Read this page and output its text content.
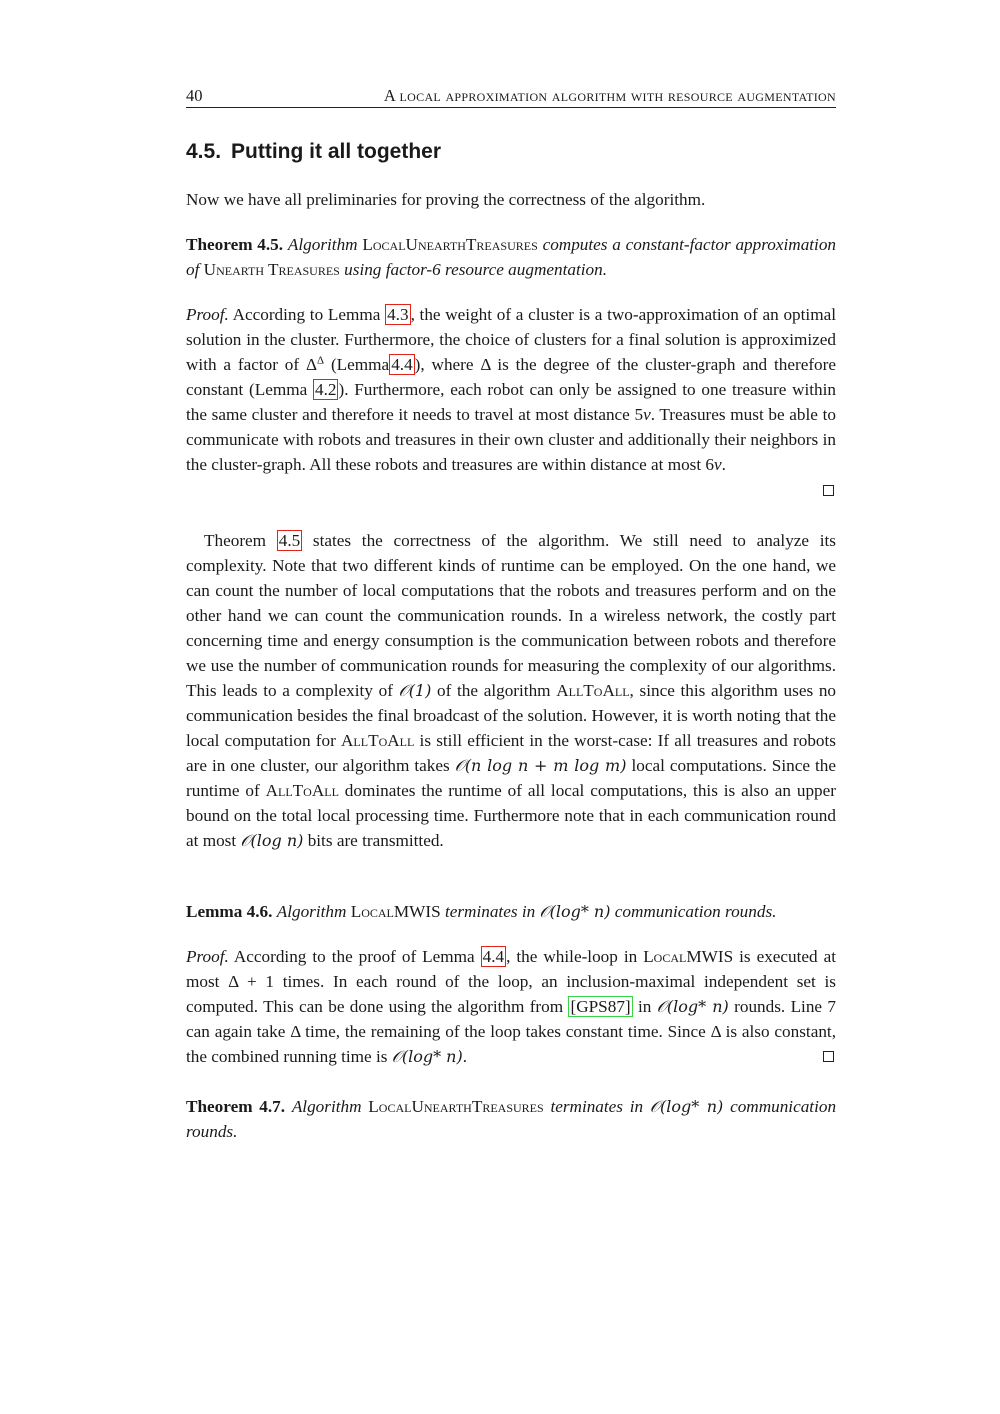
40	A local approximation algorithm with resource augmentation
4.5. Putting it all together
Now we have all preliminaries for proving the correctness of the algorithm.
Theorem 4.5. Algorithm LocalUnearthTreasures computes a constant-factor approximation of Unearth Treasures using factor-6 resource augmentation.
Proof. According to Lemma 4.3 , the weight of a cluster is a two-approximation of an optimal solution in the cluster. Furthermore, the choice of clusters for a final solution is approximized with a factor of $\Delta^\Delta$ (Lemma 4.4 ), where Δ is the degree of the cluster-graph and therefore constant (Lemma 4.2 ). Furthermore, each robot can only be assigned to one treasure within the same cluster and therefore it needs to travel at most distance 5v. Treasures must be able to communicate with robots and treasures in their own cluster and additionally their neighbors in the cluster-graph. All these robots and treasures are within distance at most 6v.
Theorem 4.5 states the correctness of the algorithm. We still need to analyze its complexity. Note that two different kinds of runtime can be employed. On the one hand, we can count the number of local computations that the robots and treasures perform and on the other hand we can count the communication rounds. In a wireless network, the costly part concerning time and energy consumption is the communication between robots and therefore we use the number of communication rounds for measuring the complexity of our algorithms. This leads to a complexity of 𝒪(1) of the algorithm AllToAll, since this algorithm uses no communication besides the final broadcast of the solution. However, it is worth noting that the local computation for AllToAll is still efficient in the worst-case: If all treasures and robots are in one cluster, our algorithm takes 𝒪(n log n + m log m) local computations. Since the runtime of AllToAll dominates the runtime of all local computations, this is also an upper bound on the total local processing time. Furthermore note that in each communication round at most 𝒪(log n) bits are transmitted.
Lemma 4.6. Algorithm LocalMWIS terminates in 𝒪(log* n) communication rounds.
Proof. According to the proof of Lemma 4.4 , the while-loop in LocalMWIS is executed at most Δ + 1 times. In each round of the loop, an inclusion-maximal independent set is computed. This can be done using the algorithm from [GPS87] in 𝒪(log* n) rounds. Line 7 can again take Δ time, the remaining of the loop takes constant time. Since Δ is also constant, the combined running time is 𝒪(log* n).
Theorem 4.7. Algorithm LocalUnearthTreasures terminates in 𝒪(log* n) communication rounds.
